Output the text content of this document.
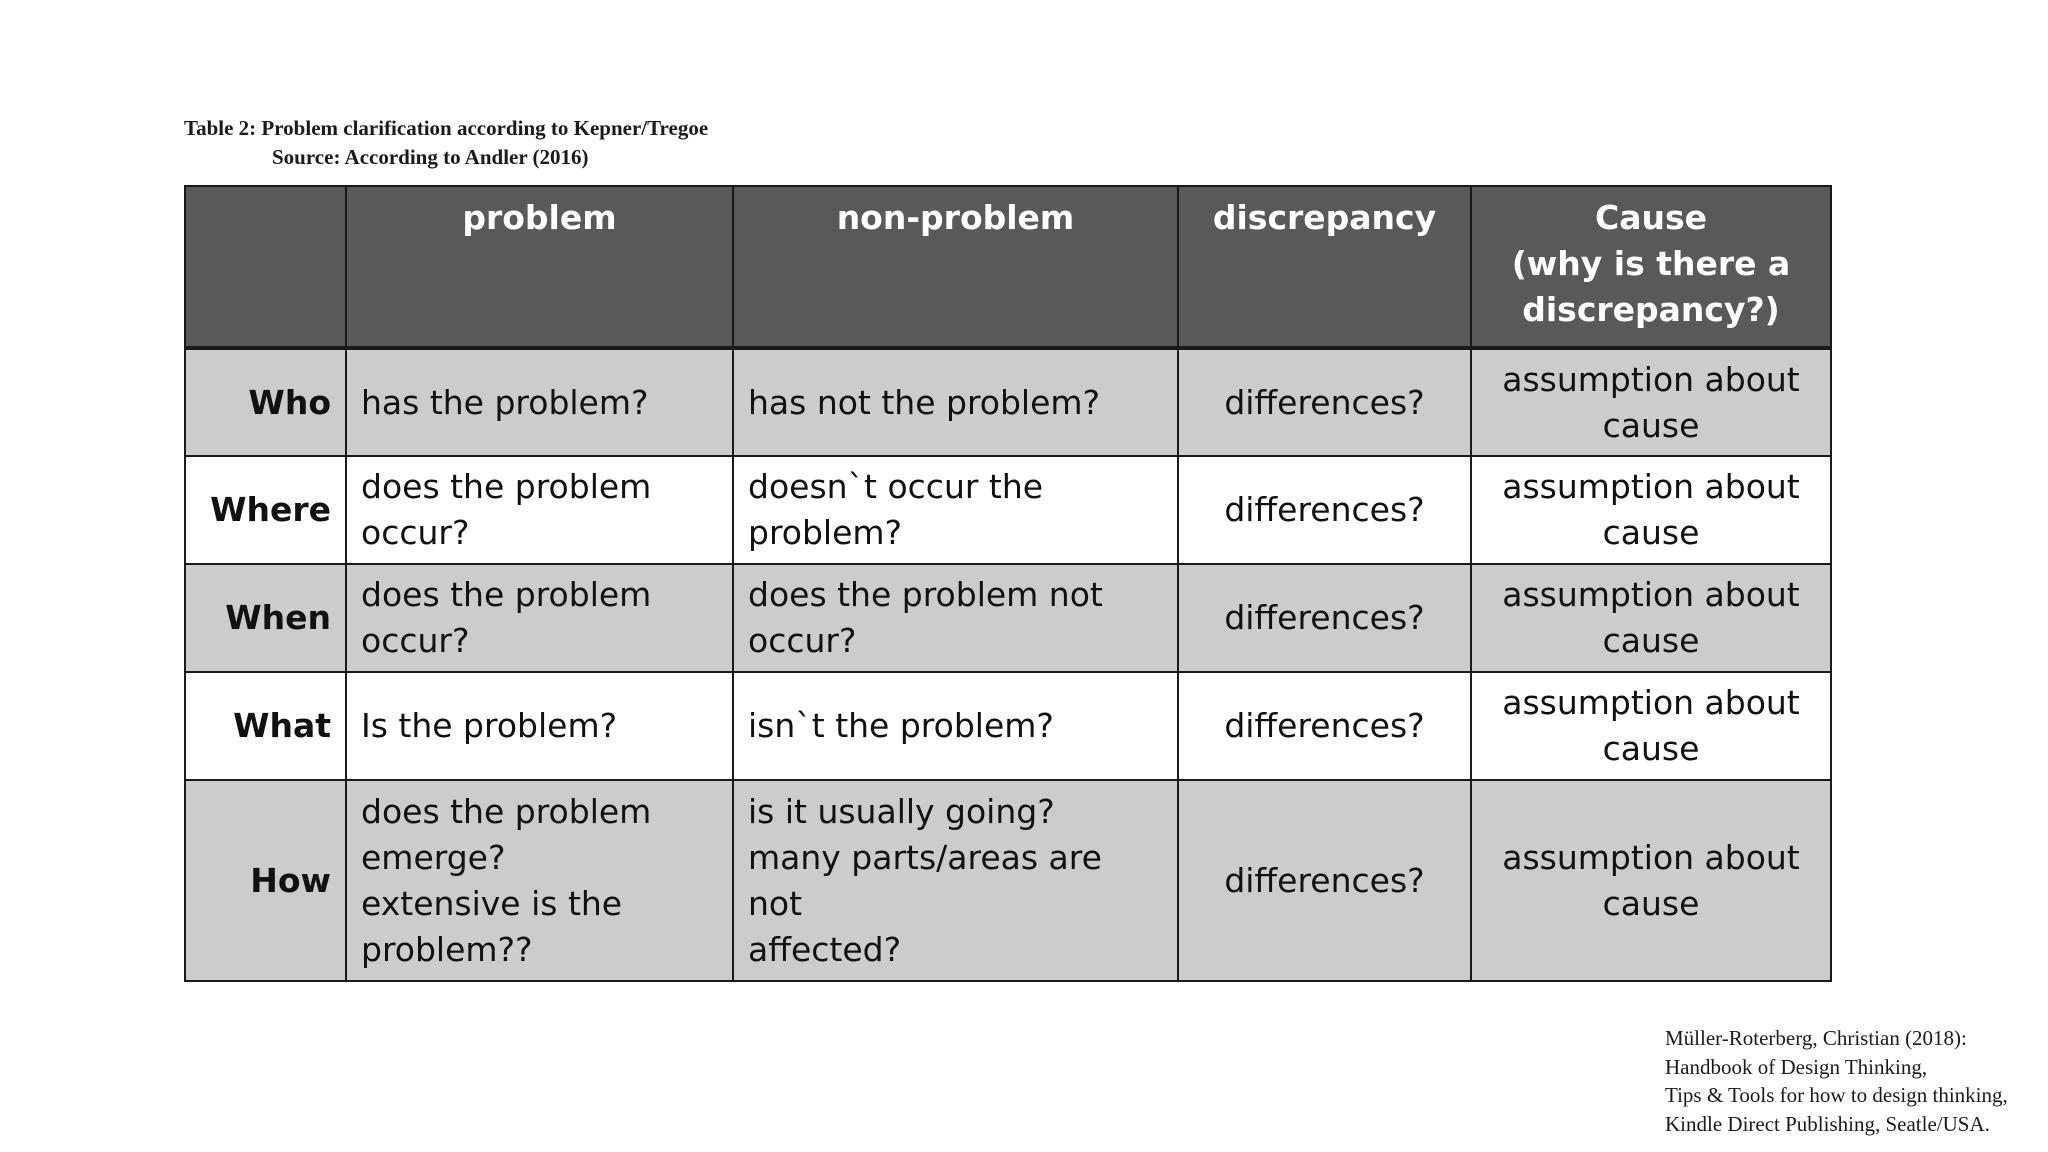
Table 2: Problem clarification according to Kepner/Tregoe
Source: According to Andler (2016)
	problem	non-problem	discrepancy	Cause
(why is there a
discrepancy?)

Who	has the problem?	has not the problem?	differences?	assumption about
cause

Where	does the problem
occur?	doesn`t occur the
problem?	differences?	assumption about
cause

When	does the problem
occur?	does the problem not
occur?	differences?	assumption about
cause

What	Is the problem?	isn`t the problem?	differences?	assumption about
cause

How	does the problem
emerge?
extensive is the
problem??	is it usually going?
many parts/areas are not
affected?	differences?	assumption about
cause
Müller-Roterberg, Christian (2018):
Handbook of Design Thinking,
Tips & Tools for how to design thinking,
Kindle Direct Publishing, Seatle/USA.
